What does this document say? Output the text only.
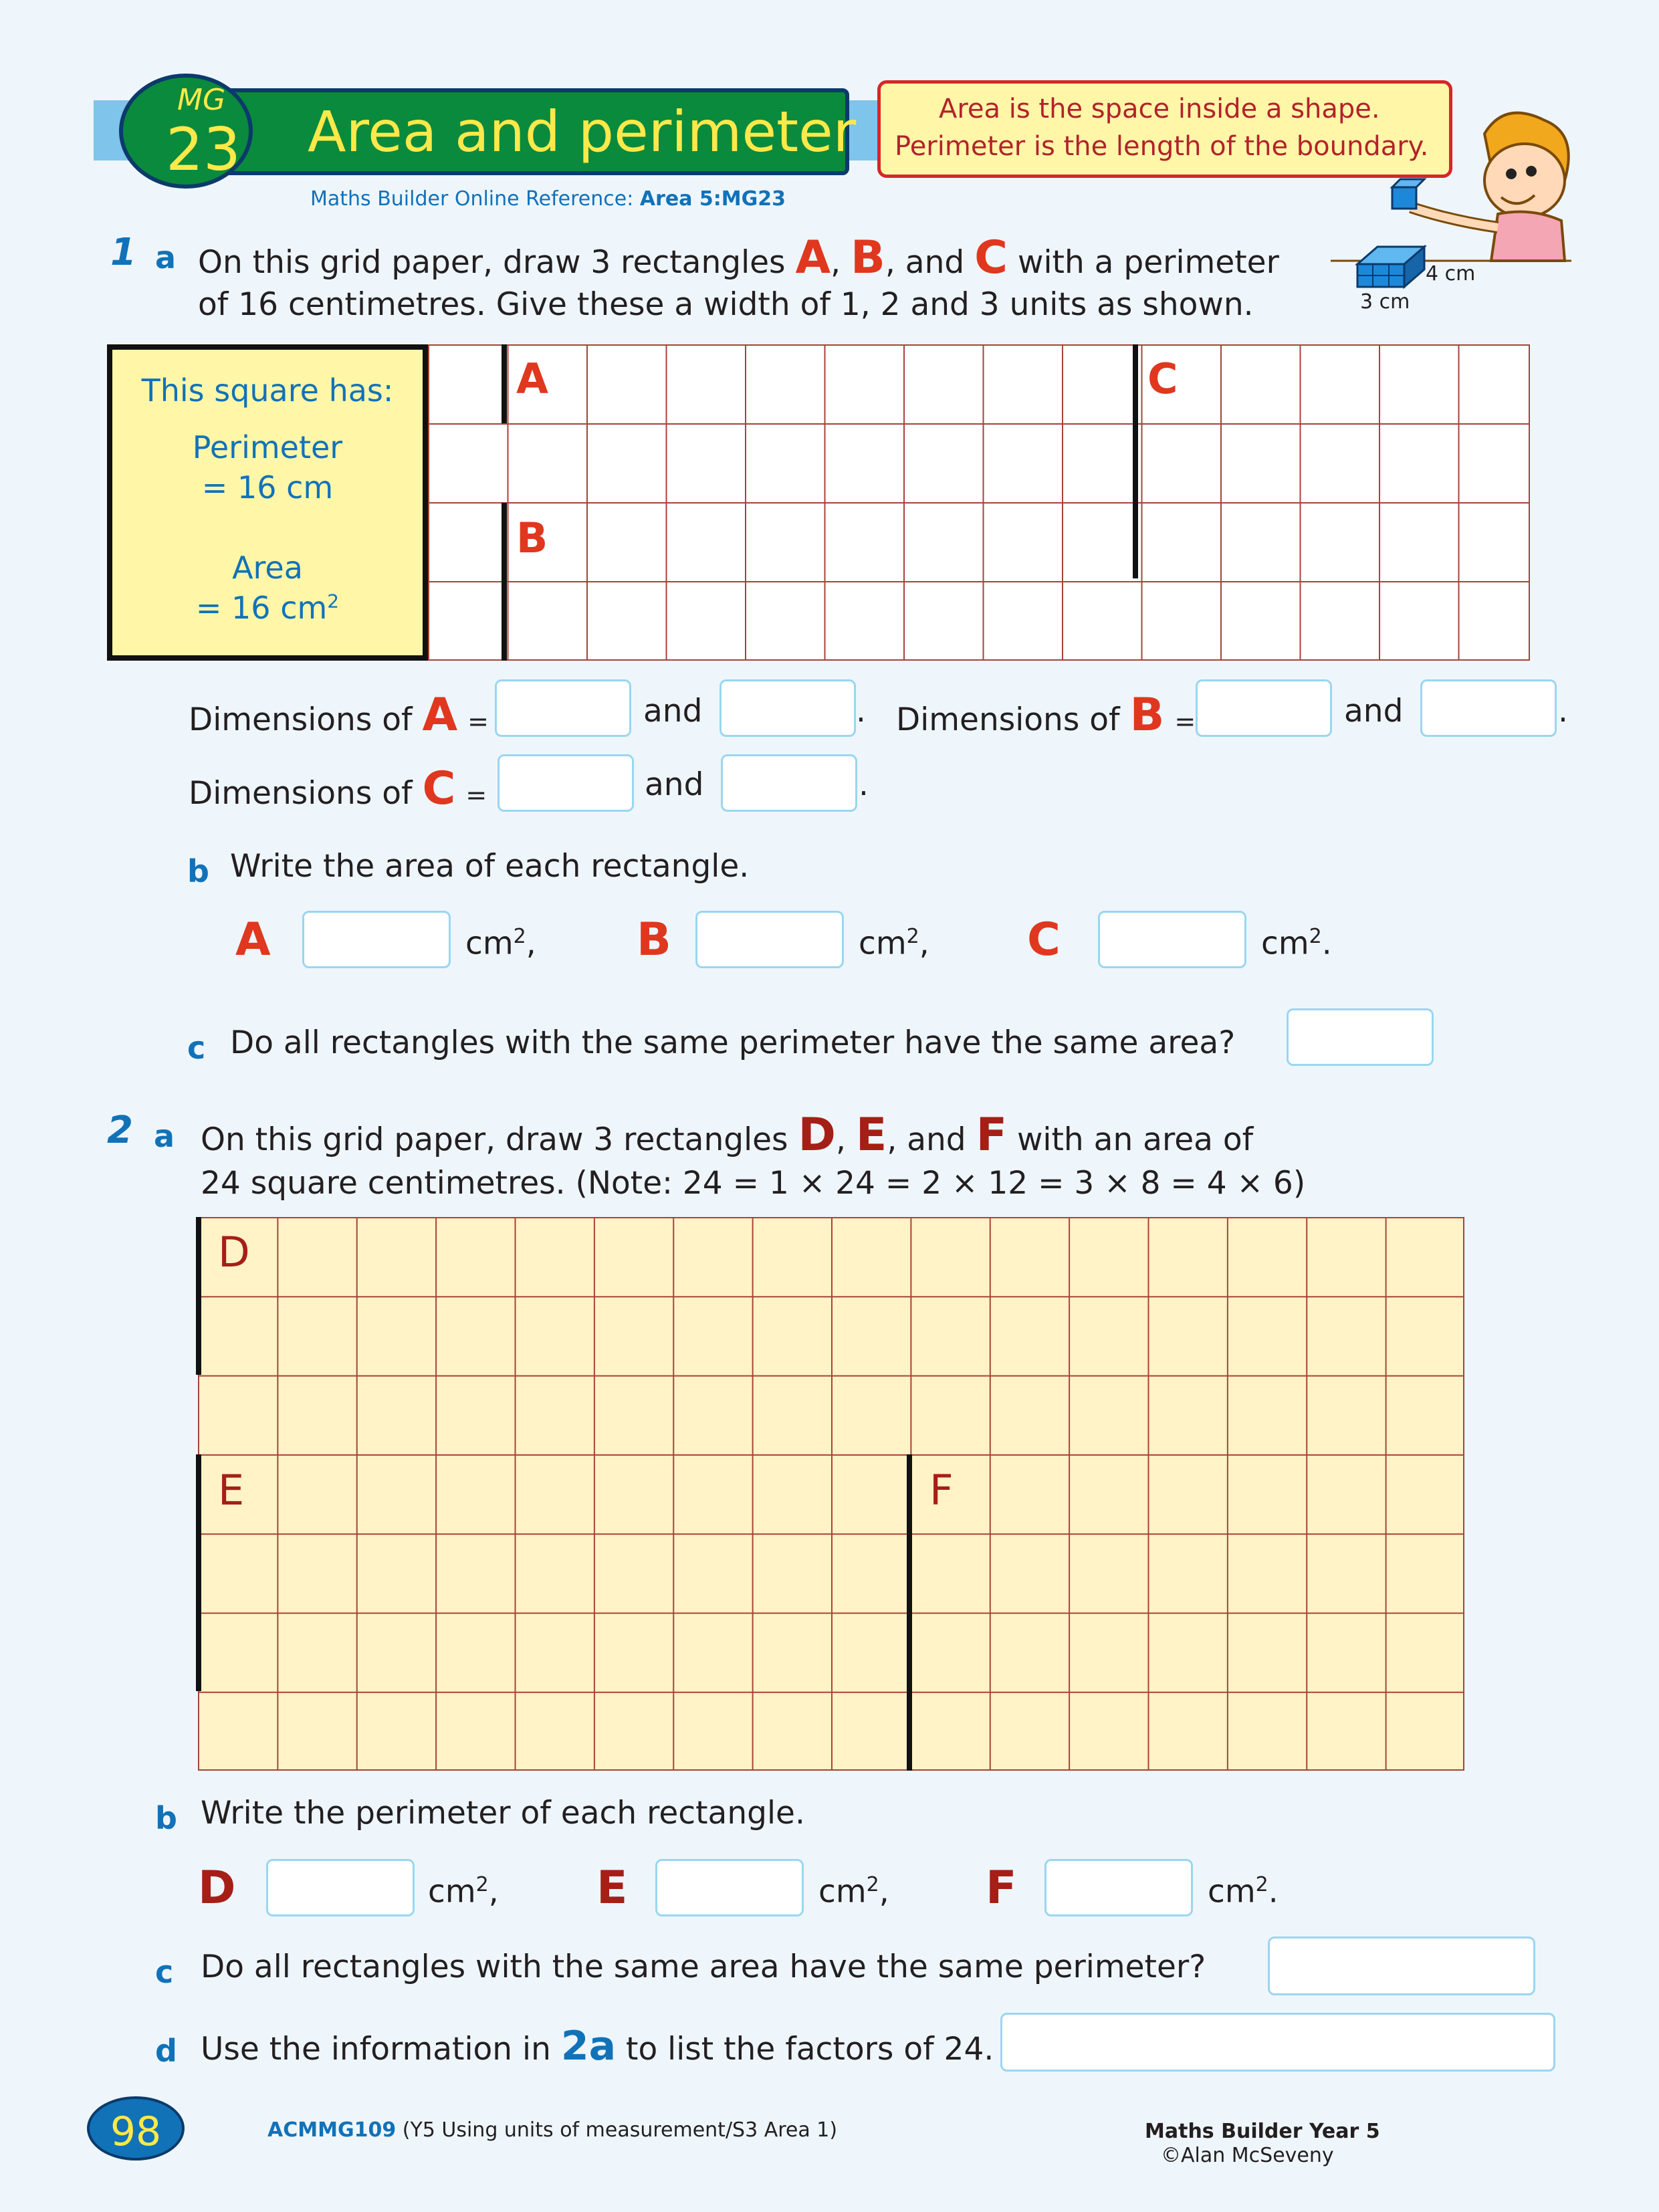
Area and perimeter
MG
23
Area is the space inside a shape.
Perimeter is the length of the boundary.
Maths Builder Online Reference: Area 5:MG23
4 cm
3 cm
1 a On this grid paper, draw 3 rectangles A, B, and C with a perimeter
of 16 centimetres. Give these a width of 1, 2 and 3 units as shown.
This square has:
Perimeter
= 16 cm
Area
= 16 $cm^2$
A
B
C
Dimensions of A =	and	. Dimensions of B =	and	.
Dimensions of C =	and	.
b Write the area of each rectangle.
A	$cm^2$, B	$cm^2$, C	$cm^2$.
c Do all rectangles with the same perimeter have the same area?
2 a On this grid paper, draw 3 rectangles D, E, and F with an area of
24 square centimetres. (Note: 24 = 1 × 24 = 2 × 12 = 3 × 8 = 4 × 6)
D
E	F
b Write the perimeter of each rectangle.
D	$cm^2$, E	$cm^2$, F	$cm^2$.
c Do all rectangles with the same area have the same perimeter?
d Use the information in 2a to list the factors of 24.
98	ACMMG109 (Y5 Using units of measurement/S3 Area 1)	Maths Builder Year 5
©Alan McSeveny
